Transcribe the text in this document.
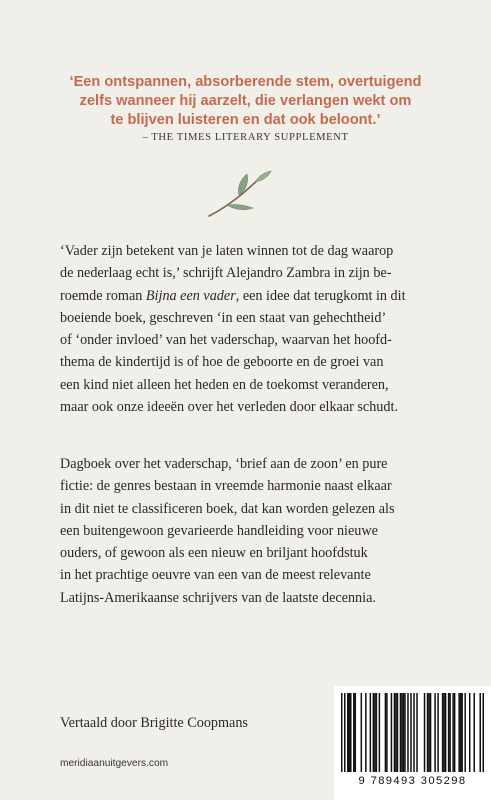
‘Een ontspannen, absorberende stem, overtuigend
zelfs wanneer hij aarzelt, die verlangen wekt om
te blijven luisteren en dat ook beloont.’
– THE TIMES LITERARY SUPPLEMENT
‘Vader zijn betekent van je laten winnen tot de dag waarop
de nederlaag echt is,’ schrijft Alejandro Zambra in zijn be-
roemde roman Bijna een vader, een idee dat terugkomt in dit
boeiende boek, geschreven ‘in een staat van gehechtheid’
of ‘onder invloed’ van het vaderschap, waarvan het hoofd-
thema de kindertijd is of hoe de geboorte en de groei van
een kind niet alleen het heden en de toekomst veranderen,
maar ook onze ideeën over het verleden door elkaar schudt.
Dagboek over het vaderschap, ‘brief aan de zoon’ en pure
fictie: de genres bestaan in vreemde harmonie naast elkaar
in dit niet te classificeren boek, dat kan worden gelezen als
een buitengewoon gevarieerde handleiding voor nieuwe
ouders, of gewoon als een nieuw en briljant hoofdstuk
in het prachtige oeuvre van een van de meest relevante
Latijns-Amerikaanse schrijvers van de laatste decennia.
Vertaald door Brigitte Coopmans
meridiaanuitgevers.com
9 789493 305298
